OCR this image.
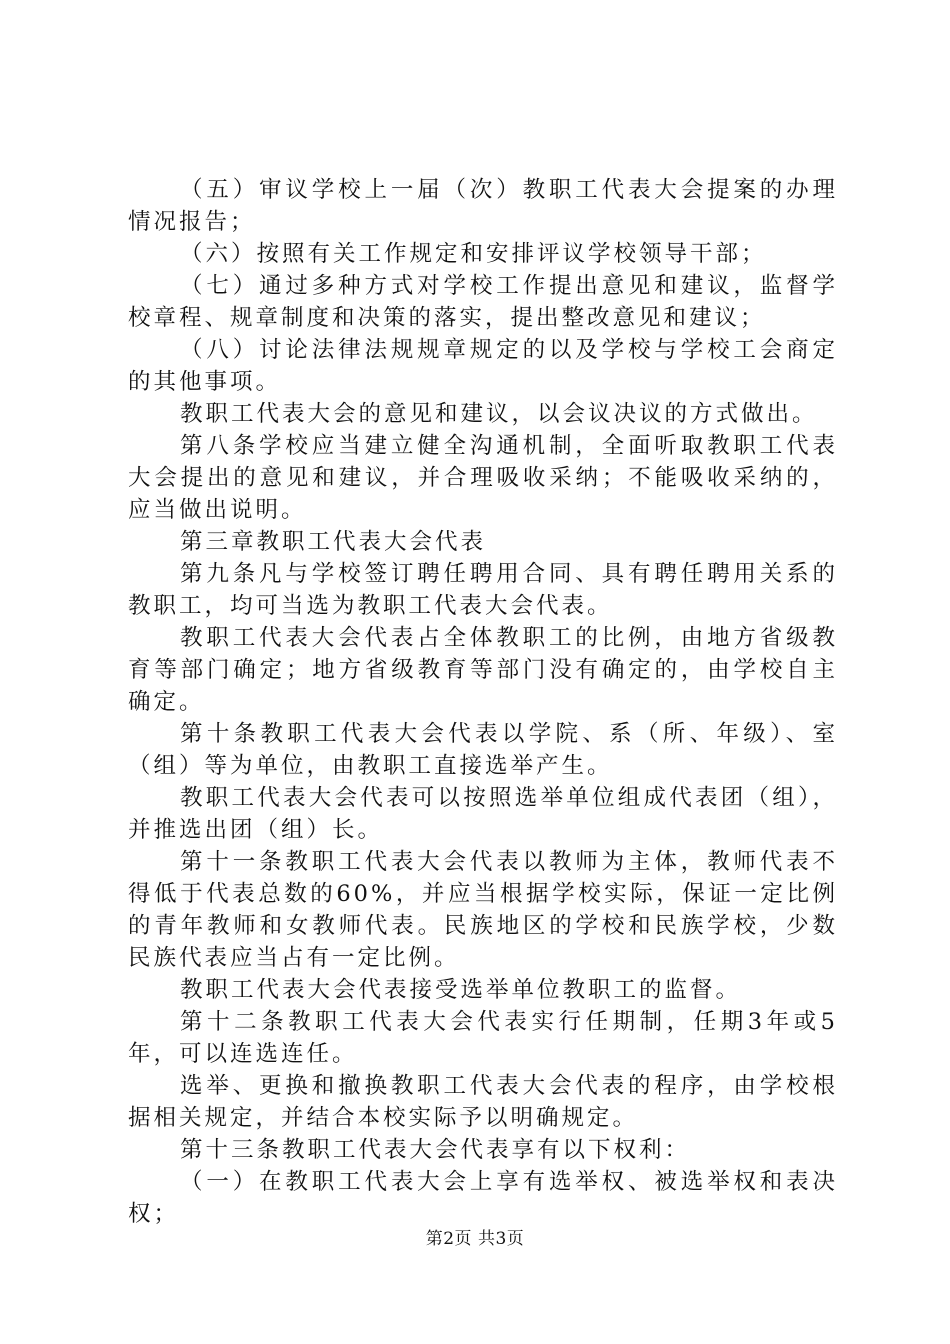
（五）审议学校上一届（次）教职工代表大会提案的办理情况报告；

（六）按照有关工作规定和安排评议学校领导干部；

（七）通过多种方式对学校工作提出意见和建议，监督学校章程、规章制度和决策的落实，提出整改意见和建议；

（八）讨论法律法规规章规定的以及学校与学校工会商定的其他事项。

教职工代表大会的意见和建议，以会议决议的方式做出。

第八条学校应当建立健全沟通机制，全面听取教职工代表大会提出的意见和建议，并合理吸收采纳；不能吸收采纳的，应当做出说明。

第三章教职工代表大会代表

第九条凡与学校签订聘任聘用合同、具有聘任聘用关系的教职工，均可当选为教职工代表大会代表。

教职工代表大会代表占全体教职工的比例，由地方省级教育等部门确定；地方省级教育等部门没有确定的，由学校自主确定。

第十条教职工代表大会代表以学院、系（所、年级）、室（组）等为单位，由教职工直接选举产生。

教职工代表大会代表可以按照选举单位组成代表团（组），并推选出团（组）长。

第十一条教职工代表大会代表以教师为主体，教师代表不得低于代表总数的60%，并应当根据学校实际，保证一定比例的青年教师和女教师代表。民族地区的学校和民族学校，少数民族代表应当占有一定比例。

教职工代表大会代表接受选举单位教职工的监督。

第十二条教职工代表大会代表实行任期制，任期3年或5年，可以连选连任。

选举、更换和撤换教职工代表大会代表的程序，由学校根据相关规定，并结合本校实际予以明确规定。

第十三条教职工代表大会代表享有以下权利：

（一）在教职工代表大会上享有选举权、被选举权和表决权；

第2页 共3页
